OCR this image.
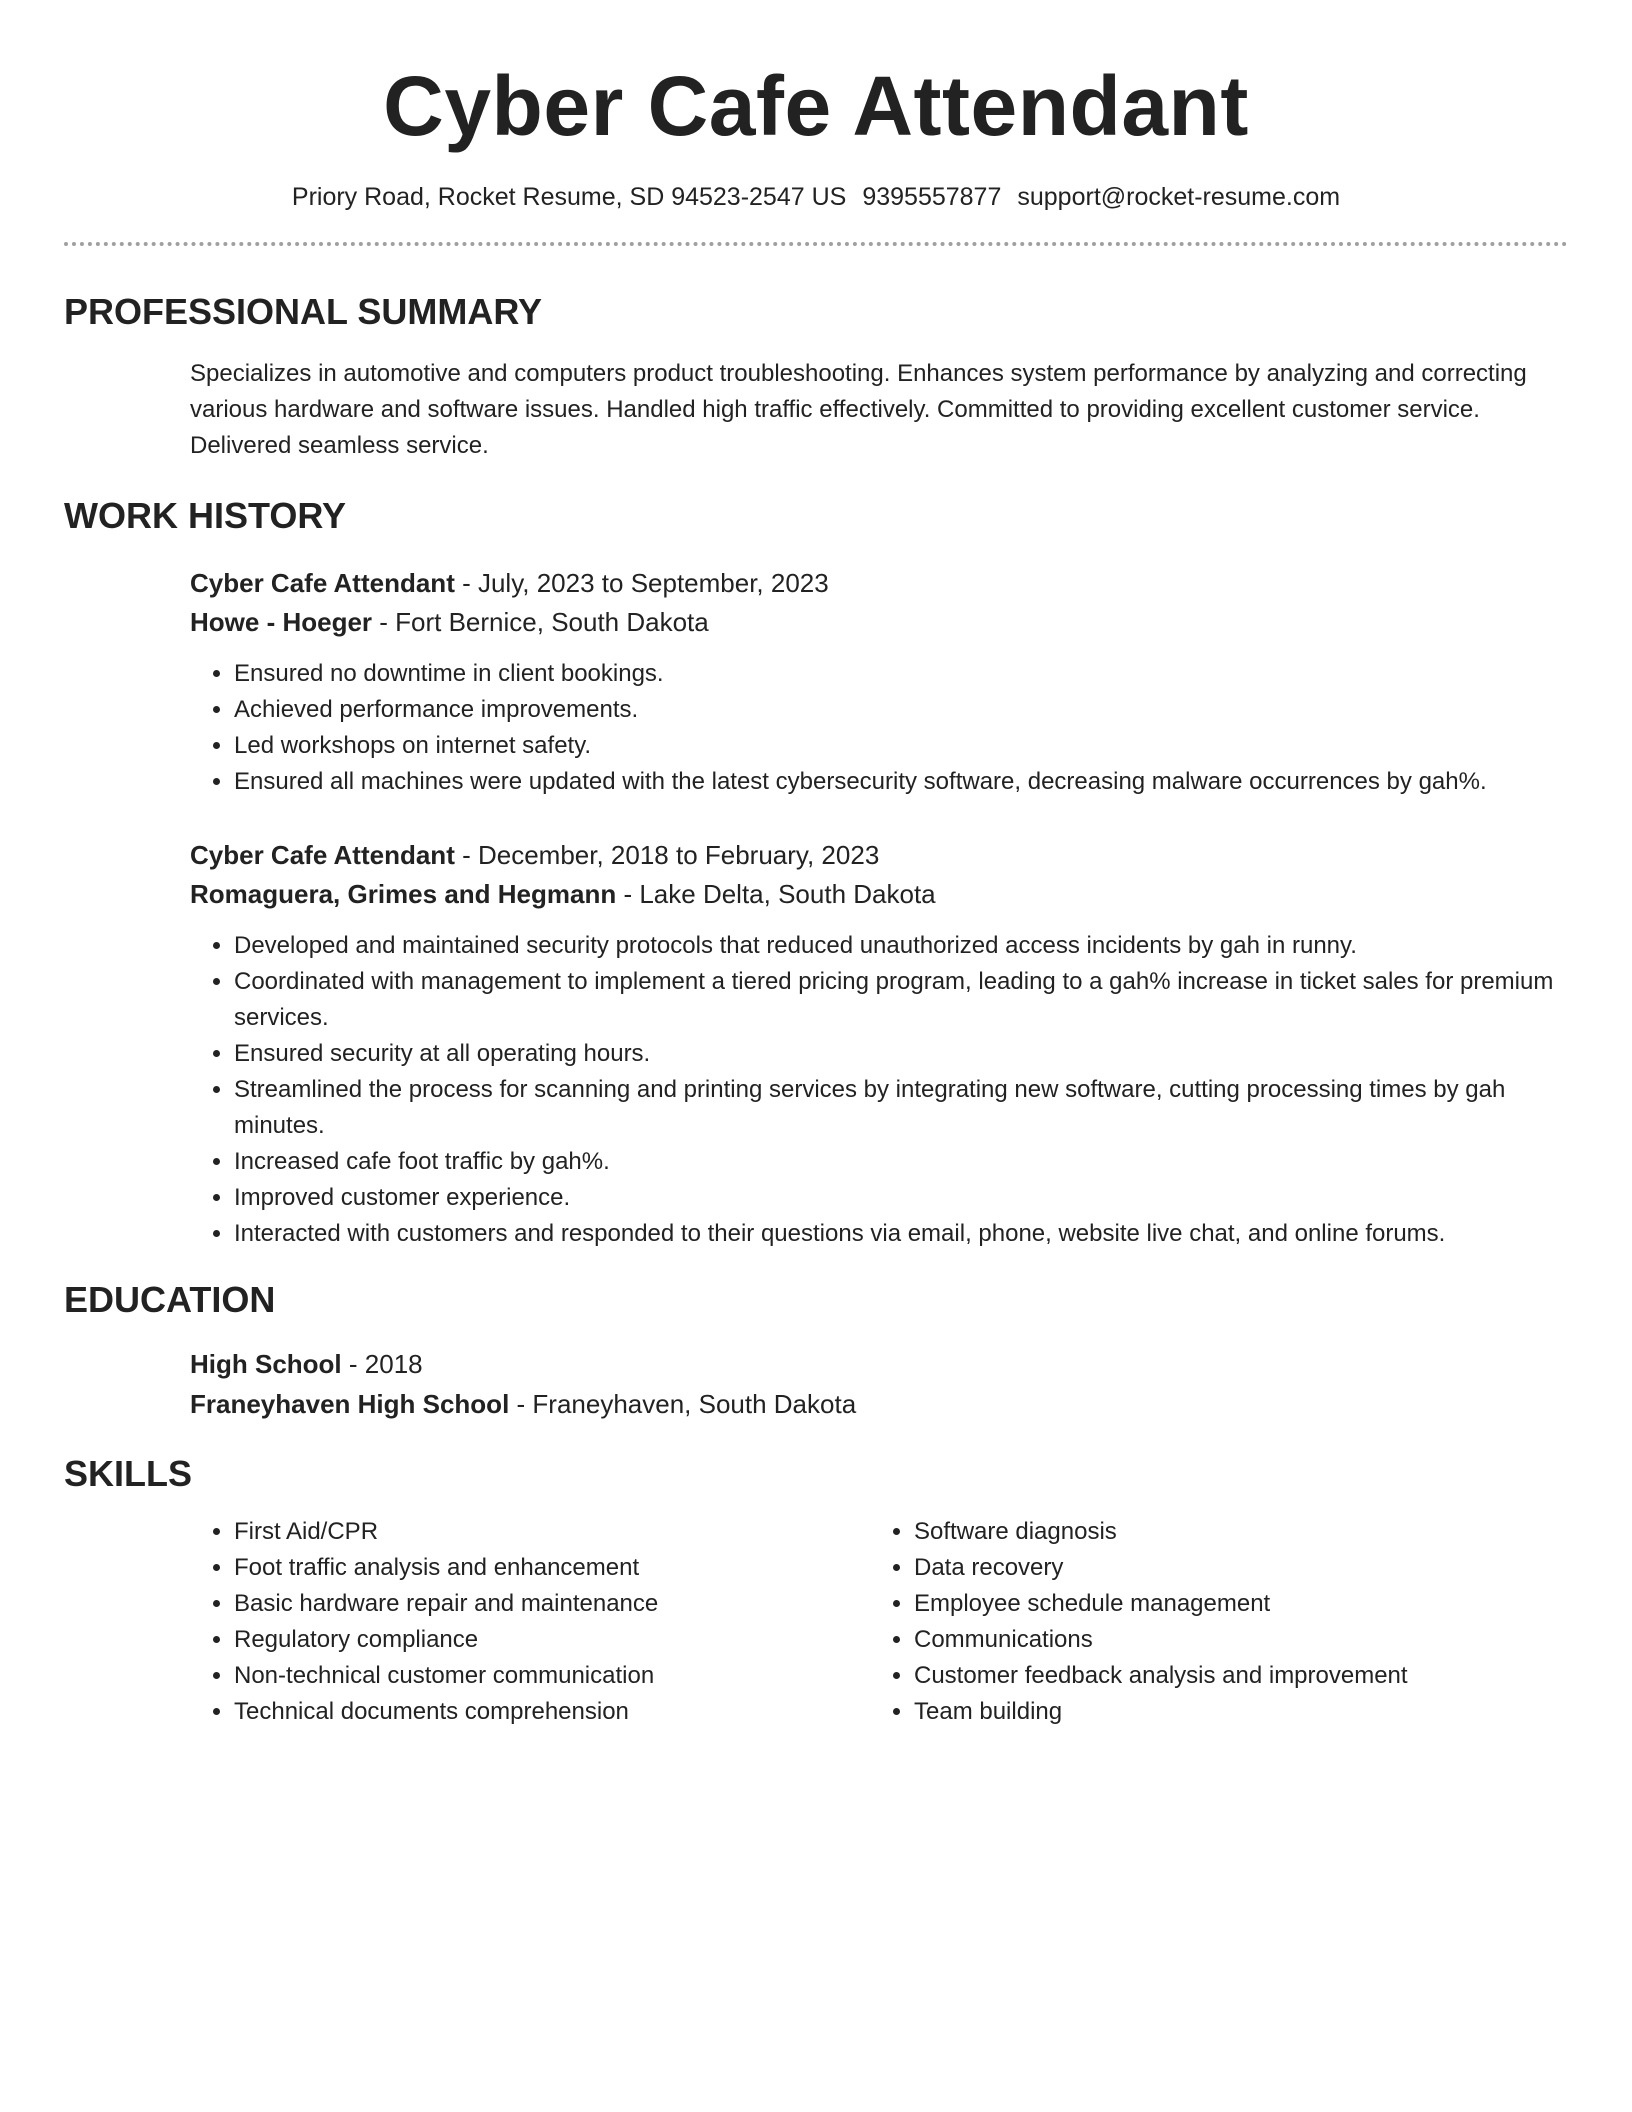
Cyber Cafe Attendant
Priory Road, Rocket Resume, SD 94523-2547 US 9395557877 support@rocket-resume.com
PROFESSIONAL SUMMARY
Specializes in automotive and computers product troubleshooting. Enhances system performance by analyzing and correcting various hardware and software issues. Handled high traffic effectively. Committed to providing excellent customer service. Delivered seamless service.
WORK HISTORY
Cyber Cafe Attendant - July, 2023 to September, 2023
Howe - Hoeger - Fort Bernice, South Dakota
• Ensured no downtime in client bookings.
• Achieved performance improvements.
• Led workshops on internet safety.
• Ensured all machines were updated with the latest cybersecurity software, decreasing malware occurrences by gah%.
Cyber Cafe Attendant - December, 2018 to February, 2023
Romaguera, Grimes and Hegmann - Lake Delta, South Dakota
• Developed and maintained security protocols that reduced unauthorized access incidents by gah in runny.
• Coordinated with management to implement a tiered pricing program, leading to a gah% increase in ticket sales for premium services.
• Ensured security at all operating hours.
• Streamlined the process for scanning and printing services by integrating new software, cutting processing times by gah minutes.
• Increased cafe foot traffic by gah%.
• Improved customer experience.
• Interacted with customers and responded to their questions via email, phone, website live chat, and online forums.
EDUCATION
High School - 2018
Franeyhaven High School - Franeyhaven, South Dakota
SKILLS
• First Aid/CPR
• Foot traffic analysis and enhancement
• Basic hardware repair and maintenance
• Regulatory compliance
• Non-technical customer communication
• Technical documents comprehension
• Software diagnosis
• Data recovery
• Employee schedule management
• Communications
• Customer feedback analysis and improvement
• Team building
